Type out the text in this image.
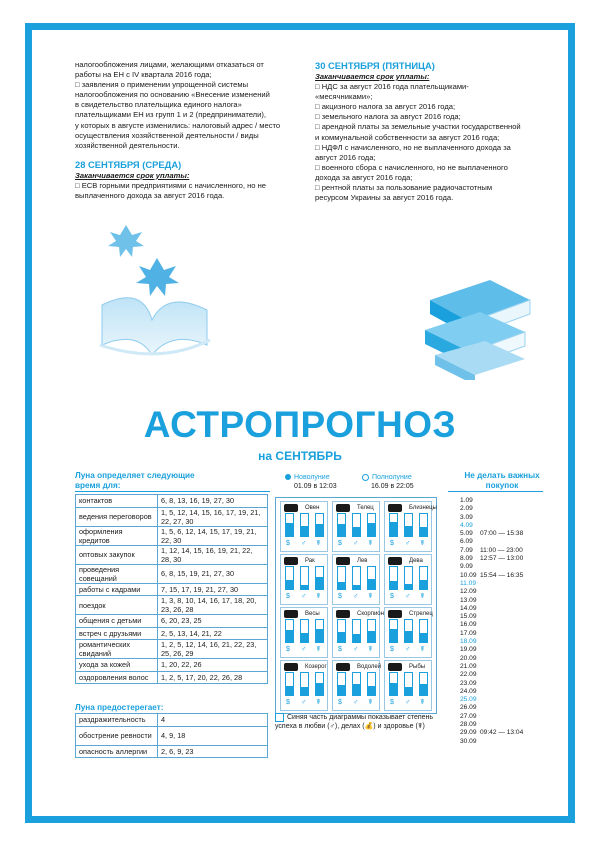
налогообложения лицами, желающими отказаться от

работы на ЕН с IV квартала 2016 года;

□ заявления о применении упрощенной системы

налогообложения по основанию «Внесение изменений

в свидетельство плательщика единого налога»

плательщиками ЕН из групп 1 и 2 (предприниматели),

у которых в августе изменились: налоговый адрес / место

осуществления хозяйственной деятельности / виды

хозяйственной деятельности.

28 СЕНТЯБРЯ (СРЕДА)

Заканчивается срок уплаты:

□ ЕСВ горными предприятиями с начисленного, но не

выплаченного дохода за август 2016 года.

30 СЕНТЯБРЯ (ПЯТНИЦА)

Заканчивается срок уплаты:

□ НДС за август 2016 года плательщиками-

«месячниками»;

□ акцизного налога за август 2016 года;

□ земельного налога за август 2016 года;

□ арендной платы за земельные участки государственной

и коммунальной собственности за август 2016 года;

□ НДФЛ с начисленного, но не выплаченного дохода за

август 2016 года;

□ военного сбора с начисленного, но не выплаченного

дохода за август 2016 года;

□ рентной платы за пользование радиочастотным

ресурсом Украины за август 2016 года.

АСТРОПРОГНОЗ
на СЕНТЯБРЬ
Луна определяет следующие время для:
контактов	6, 8, 13, 16, 19, 27, 30
ведения переговоров	1, 5, 12, 14, 15, 16, 17, 19, 21, 22, 27, 30
оформления кредитов	1, 5, 6, 12, 14, 15, 17, 19, 21, 22, 30
оптовых закупок	1, 12, 14, 15, 16, 19, 21, 22, 28, 30
проведения совещаний	6, 8, 15, 19, 21, 27, 30
работы с кадрами	7, 15, 17, 19, 21, 27, 30
поездок	1, 3, 8, 10, 14, 16, 17, 18, 20, 23, 26, 28
общения с детьми	6, 20, 23, 25
встреч с друзьями	2, 5, 13, 14, 21, 22
романтических свиданий	1, 2, 5, 12, 14, 16, 21, 22, 23, 25, 26, 29
ухода за кожей	1, 20, 22, 26
оздоровления волос	1, 2, 5, 17, 20, 22, 26, 28
Луна предостерегает:
раздражительность	4
обострение ревности	4, 9, 18
опасность аллергии	2, 6, 9, 23
Новолуние
01.09 в 12:03
Полнолуние
16.09 в 22:05
Овен
$ ♂ ☤
Телец
$ ♂ ☤
Близнецы
$ ♂ ☤
Рак
$ ♂ ☤
Лев
$ ♂ ☤
Дева
$ ♂ ☤
Весы
$ ♂ ☤
Скорпион
$ ♂ ☤
Стрелец
$ ♂ ☤
Козерог
$ ♂ ☤
Водолей
$ ♂ ☤
Рыбы
$ ♂ ☤
Синяя часть диаграммы показывает степень успеха в любви (♂), делах (💰) и здоровье (☤)
Не делать важных покупок
1.09
2.09
3.09
4.09
5.09	07:00 — 15:38
6.09
7.09	11:00 — 23:00
8.09	12:57 — 13:00
9.09
10.09 15:54 — 16:35
11.09
12.09
13.09
14.09
15.09
16.09
17.09
18.09
19.09
20.09
21.09
22.09
23.09
24.09
25.09
26.09
27.09
28.09
29.09 09:42 — 13:04
30.09
